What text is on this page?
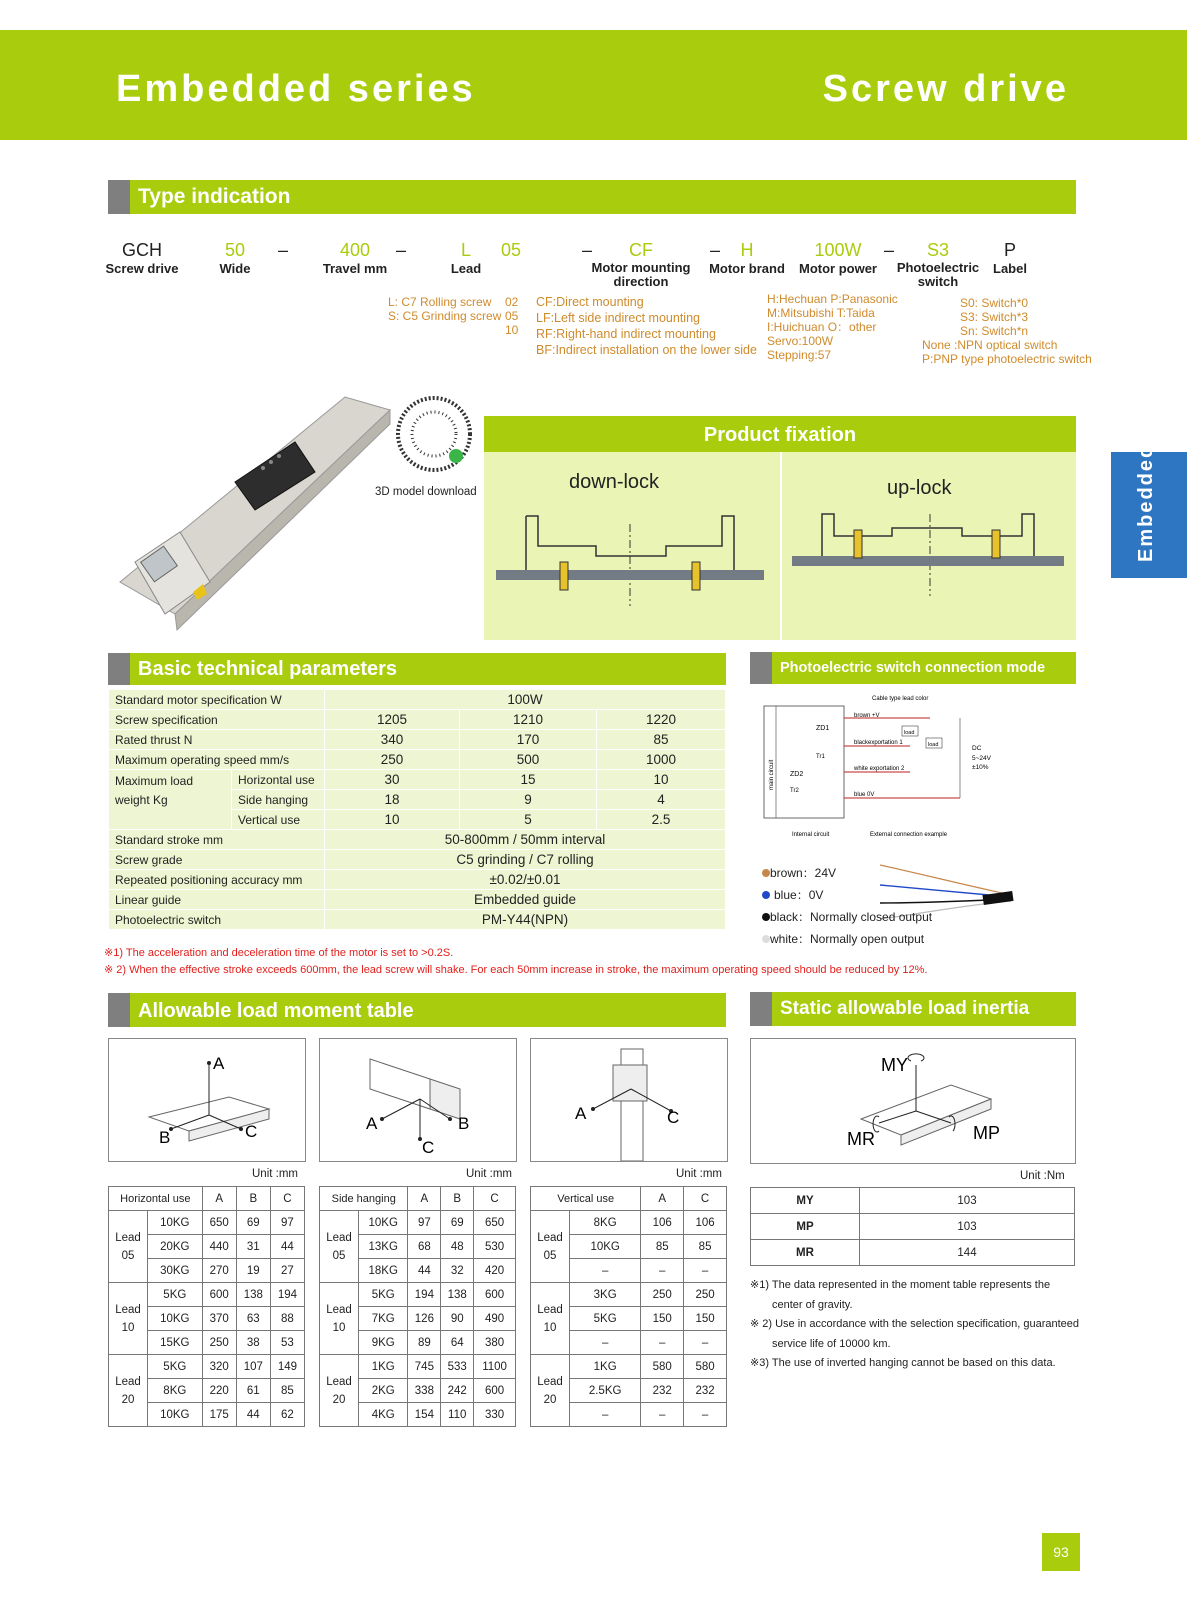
Embedded series	Screw drive
Embedded
Type indication
GCH
Screw drive
50
Wide
–	400
Travel mm
–	L
Lead
05	–	CF
Motor mounting direction
–	H
Motor brand
100W
Motor power
–	S3
Photoelectric switch
P
Label
L: C7 Rolling screw
S: C5 Grinding screw
02
05
10
CF:Direct mounting
LF:Left side indirect mounting
RF:Right-hand indirect mounting
BF:Indirect installation on the lower side
H:Hechuan P:Panasonic
M:Mitsubishi T:Taida
I:Huichuan O：other
Servo:100W
Stepping:57
S0: Switch*0
S3: Switch*3
Sn: Switch*n
None :NPN optical switch
P:PNP type photoelectric switch
3D model download
Product fixation
down-lock	up-lock
Basic technical parameters
Standard motor specification W		100W		
Screw specification		1205	1210	1220
Rated thrust N		340	170	85
Maximum operating speed mm/s		250	500	1000

Maximum load
weight Kg	Horizontal use	30	15	10
	Side hanging	18	9	4
	Vertical use	10	5	2.5
Standard stroke mm		50-800mm / 50mm interval		
Screw grade		C5 grinding / C7 rolling		
Repeated positioning accuracy mm		±0.02/±0.01		
Linear guide		Embedded guide		
Photoelectric switch		PM-Y44(NPN)		
Photoelectric switch connection mode
main circuit
Cable type lead color
brown +V
blackexportation 1
white exportation 2
blue 0V
ZD1
ZD2
Tr1
Tr2
load
load	DC
5~24V
±10%
Internal circuit	External connection example
brown：24V
blue：0V
black：Normally closed output
white：Normally open output
※1) The acceleration and deceleration time of the motor is set to >0.2S.
※ 2) When the effective stroke exceeds 600mm, the lead screw will shake. For each 50mm increase in stroke, the maximum operating speed should be reduced by 12%.
Allowable load moment table
A
B	C	A	B
C
A	C
Unit :mm	Unit :mm	Unit :mm
Horizontal use		A	B	C
Lead 05	10KG	650	69	97
	20KG	440	31	44
	30KG	270	19	27
Lead 10	5KG	600	138	194
	10KG	370	63	88
	15KG	250	38	53
Lead 20	5KG	320	107	149
	8KG	220	61	85
	10KG	175	44	62
Side hanging		A	B	C
Lead 05	10KG	97	69	650
	13KG	68	48	530
	18KG	44	32	420
Lead 10	5KG	194	138	600
	7KG	126	90	490
	9KG	89	64	380
Lead 20	1KG	745	533	1100
	2KG	338	242	600
	4KG	154	110	330
Vertical use		A	C
Lead 05	8KG	106	106
	10KG	85	85
	–	–	–
Lead 10	3KG	250	250
	5KG	150	150
	–	–	–
Lead 20	1KG	580	580
	2.5KG	232	232
	–	–	–
Static allowable load inertia
MY
MR	MP
Unit :Nm
MY	103
MP	103
MR	144
※1) The data represented in the moment table represents the
center of gravity.
※ 2) Use in accordance with the selection specification, guaranteed
service life of 10000 km.
※3) The use of inverted hanging cannot be based on this data.
93
